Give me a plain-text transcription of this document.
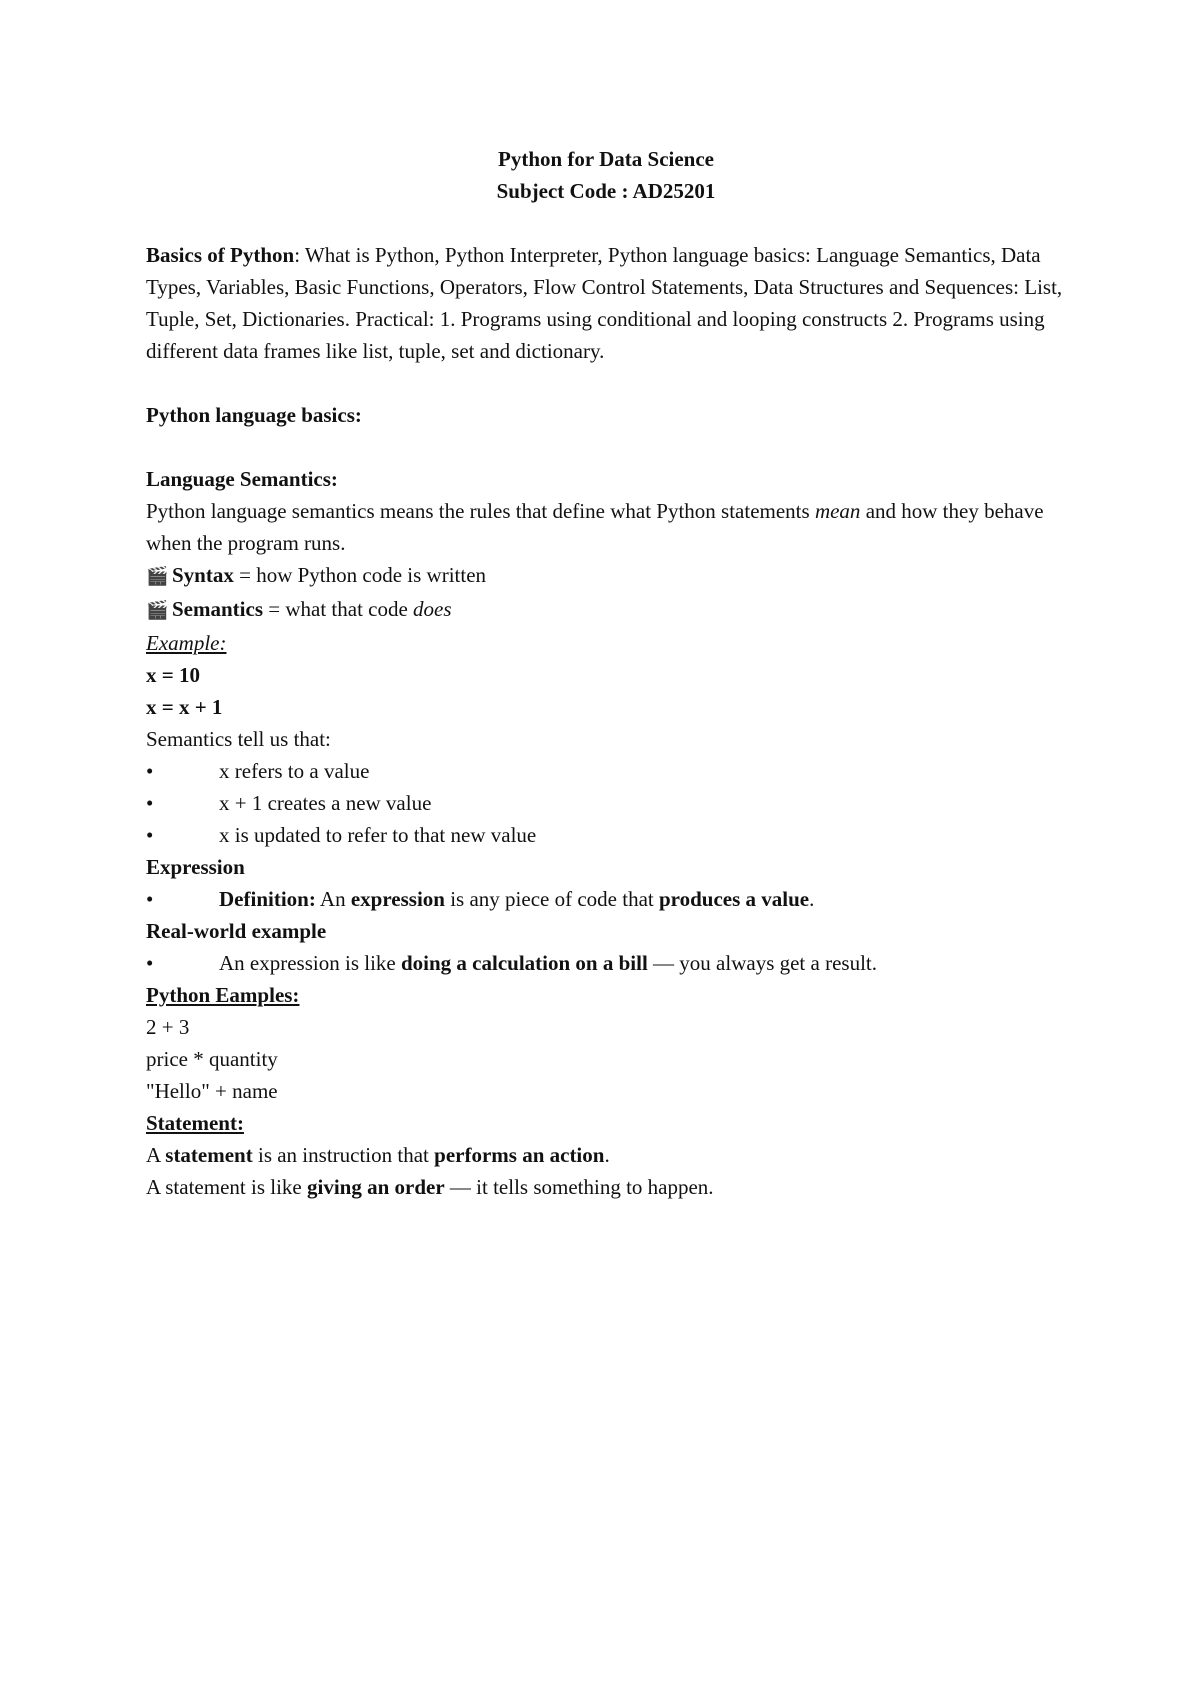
Python for Data Science
Subject Code : AD25201
Basics of Python: What is Python, Python Interpreter, Python language basics: Language Semantics, Data Types, Variables, Basic Functions, Operators, Flow Control Statements, Data Structures and Sequences: List, Tuple, Set, Dictionaries. Practical: 1. Programs using conditional and looping constructs 2. Programs using different data frames like list, tuple, set and dictionary.
Python language basics:
Language Semantics:
Python language semantics means the rules that define what Python statements mean and how they behave when the program runs.
🎬 Syntax = how Python code is written
🎬 Semantics = what that code does
Example:
x = 10
x = x + 1
Semantics tell us that:
•	x refers to a value
•	x + 1 creates a new value
•	x is updated to refer to that new value
Expression
•	Definition: An expression is any piece of code that produces a value.
Real-world example
•	An expression is like doing a calculation on a bill — you always get a result.
Python Eamples:
2 + 3
price * quantity
"Hello" + name
Statement:
A statement is an instruction that performs an action.
A statement is like giving an order — it tells something to happen.
